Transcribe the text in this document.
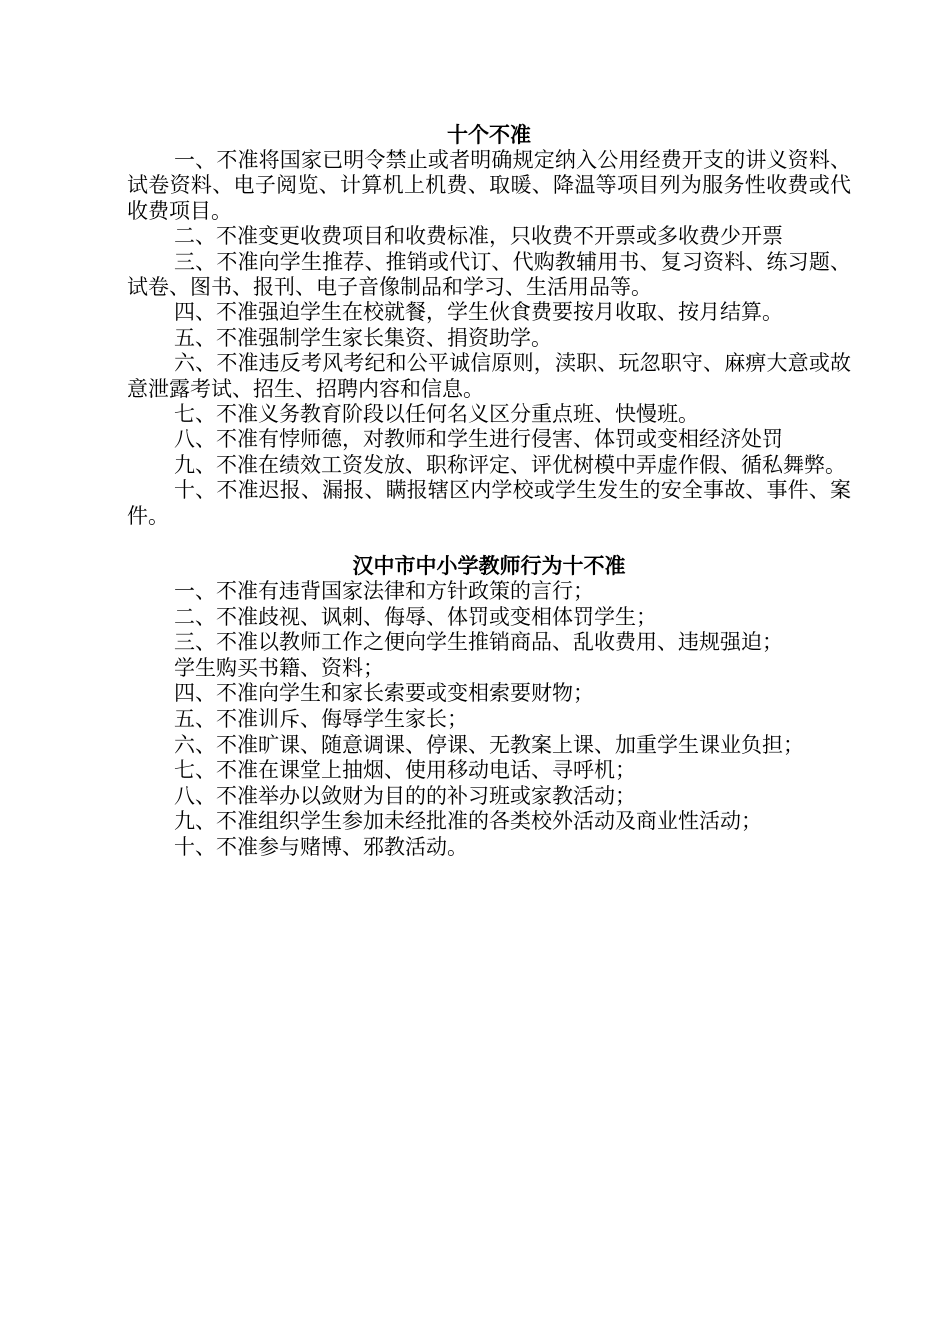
十个不准

一、不准将国家已明令禁止或者明确规定纳入公用经费开支的讲义资料、试卷资料、电子阅览、计算机上机费、取暖、降温等项目列为服务性收费或代收费项目。

二、不准变更收费项目和收费标准，只收费不开票或多收费少开票

三、不准向学生推荐、推销或代订、代购教辅用书、复习资料、练习题、试卷、图书、报刊、电子音像制品和学习、生活用品等。

四、不准强迫学生在校就餐，学生伙食费要按月收取、按月结算。

五、不准强制学生家长集资、捐资助学。

六、不准违反考风考纪和公平诚信原则，渎职、玩忽职守、麻痹大意或故意泄露考试、招生、招聘内容和信息。

七、不准义务教育阶段以任何名义区分重点班、快慢班。

八、不准有悖师德，对教师和学生进行侵害、体罚或变相经济处罚

九、不准在绩效工资发放、职称评定、评优树模中弄虚作假、循私舞弊。

十、不准迟报、漏报、瞒报辖区内学校或学生发生的安全事故、事件、案件。

汉中市中小学教师行为十不准

一、不准有违背国家法律和方针政策的言行；

二、不准歧视、讽刺、侮辱、体罚或变相体罚学生；

三、不准以教师工作之便向学生推销商品、乱收费用、违规强迫；

学生购买书籍、资料；

四、不准向学生和家长索要或变相索要财物；

五、不准训斥、侮辱学生家长；

六、不准旷课、随意调课、停课、无教案上课、加重学生课业负担；

七、不准在课堂上抽烟、使用移动电话、寻呼机；

八、不准举办以敛财为目的的补习班或家教活动；

九、不准组织学生参加未经批准的各类校外活动及商业性活动；

十、不准参与赌博、邪教活动。
